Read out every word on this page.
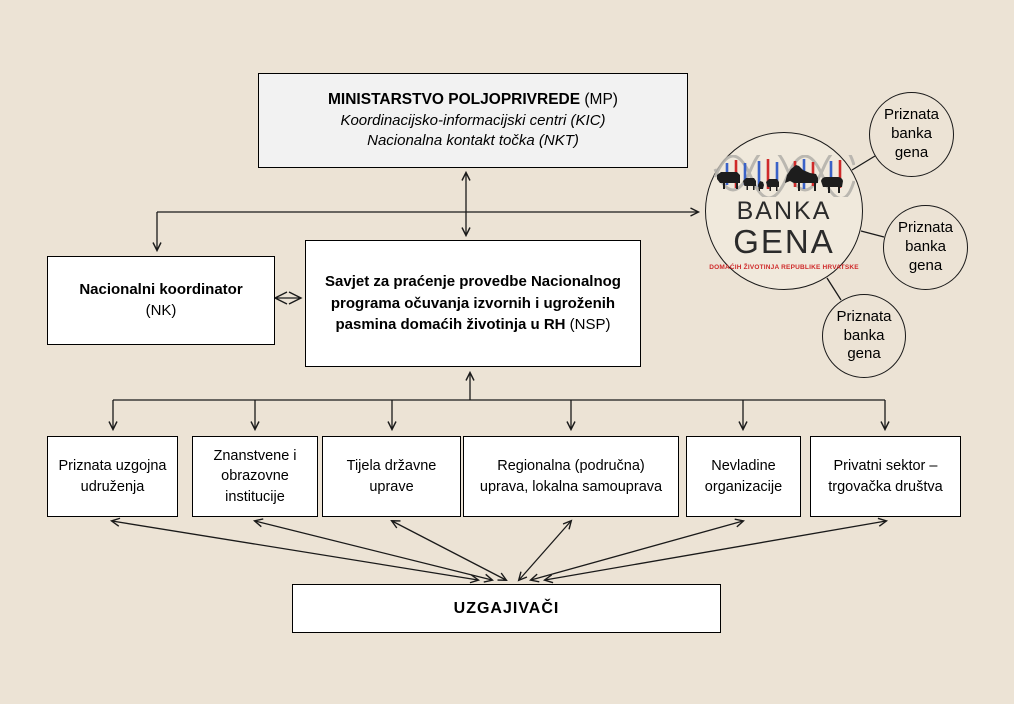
MINISTARSTVO POLJOPRIVREDE (MP)
Koordinacijsko-informacijski centri (KIC)
Nacionalna kontakt točka (NKT)
Nacionalni koordinator
(NK)
Savjet za praćenje provedbe Nacionalnog programa očuvanja izvornih i ugroženih pasmina domaćih životinja u RH (NSP)
BANKA
GENA
DOMAĆIH ŽIVOTINJA REPUBLIKE HRVATSKE
Priznata banka gena
Priznata banka gena
Priznata banka gena
Priznata uzgojna udruženja
Znanstvene i obrazovne institucije
Tijela državne uprave
Regionalna (područna) uprava, lokalna samouprava
Nevladine organizacije
Privatni sektor – trgovačka društva
UZGAJIVAČI
